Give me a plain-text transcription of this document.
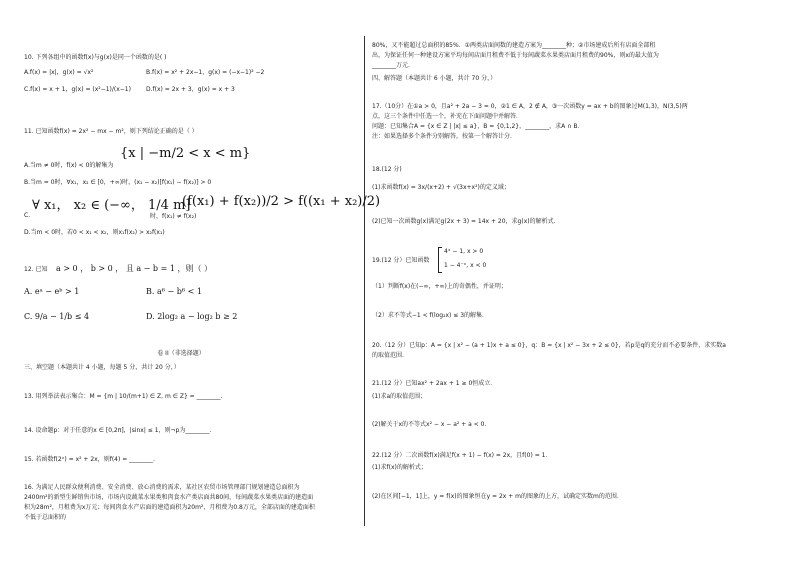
10. 下列各组中的函数f(x)与g(x)是同一个函数的是( )
A.f(x) = |x|，g(x) = √x²	B.f(x) = x² + 2x−1，g(x) = (−x−1)² −2
C.f(x) = x + 1，g(x) = (x²−1)/(x−1)	D.f(x) = 2x + 3，g(x) = x + 3
11. 已知函数f(x) = 2x² − mx − m²，则下列结论正确的是（ ）
{x | −m/2 < x < m}
A.当m ≠ 0时，f(x) < 0的解集为
B.当m = 0时，∀x₁，x₂ ∈ [0，+∞)时，(x₁ − x₂)[f(x₁) − f(x₂)] > 0
C.
∀ x₁， x₂ ∈ (−∞， 1/4 m]
(f(x₁) + f(x₂))/2 > f((x₁ + x₂)/2)
时，f(x₁) ≠ f(x₂)
D.当m < 0时，若0 < x₁ < x₂，则x₁f(x₂) > x₂f(x₁)
12. 已知 a > 0 ， b > 0 ， 且 a − b = 1 ，则（ ）
A. eᵃ − eᵇ > 1	B. a⁶ − b⁶ < 1
C. 9/a − 1/b ≤ 4	D. 2log₂ a − log₂ b ≥ 2
卷 II（非选择题）
三、填空题（本题共计 4 小题，每题 5 分，共计 20 分，）
13. 用列举法表示集合：M = {m | 10/(m+1) ∈ Z, m ∈ Z} = ________.
14. 设命题p：对于任意的x ∈ [0,2π]，|sinx| ≤ 1，则¬p为________.
15. 若函数f(2ˣ) = x² + 2x，则f(4) = ________.
16. 为满足人民群众便利消费、安全消费、放心消费的需求，某社区农贸市场管理部门规划建造总面积为
2400m²的新型生鲜销售市场，市场内设蔬菜水果类和肉食水产类店面共80间，每间蔬菜水果类店面的建造面
积为28m²，月租费为x万元；每间肉食水产店面的建造面积为20m²，月租费为0.8万元，全部店面的建造面积
不低于总面积的
80%，又不能超过总面积的85%．①两类店面间数的建造方案为________种；②市场建成后所有店面全部租
出，为保证任何一种建设方案平均每间店面月租费不低于每间蔬菜水果类店面月租费的90%，则x的最大值为
________万元．
四、解答题（本题共计 6 小题，共计 70 分，）
17.（10分）在①a > 0，且a² + 2a − 3 = 0，②1 ∈ A，2 ∉ A，③一次函数y = ax + b的图象过M(1,3)，N(3,5)两
点，这三个条件中任选一个，补充在下面问题中并解答．
问题：已知集合A = {x ∈ Z | |x| ≤ a}，B = {0,1,2}，________，求A ∩ B．
注：如果选择多个条件分别解答，按第一个解答计分．
18.(12 分)
(1)求函数f(x) = 3x/(x+2) + √(3x+x²)的定义域；
(2)已知一次函数g(x)满足g(2x + 3) = 14x + 20，求g(x)的解析式．
19.(12 分）已知函数
4ˣ − 1, x > 0
1 − 4⁻ˣ, x < 0
（1）判断f(x)在(−∞，+∞)上的奇偶性，并证明；
（2）求不等式−1 < f(log₂x) ≤ 3的解集．
20.（12 分）已知p：A = {x | x² − (a + 1)x + a ≤ 0}，q：B = {x | x² − 3x + 2 ≤ 0}，若p是q的充分而不必要条件，求实数a
的取值范围．
21.(12 分）已知ax² + 2ax + 1 ≥ 0恒成立．
(1)求a的取值范围；
(2)解关于x的不等式x² − x − a² + a < 0．
22.(12 分）二次函数f(x)满足f(x + 1) − f(x) = 2x，且f(0) = 1．
(1)求f(x)的解析式；
(2)在区间[−1，1]上，y = f(x)的图象恒在y = 2x + m的图象的上方，试确定实数m的范围．
